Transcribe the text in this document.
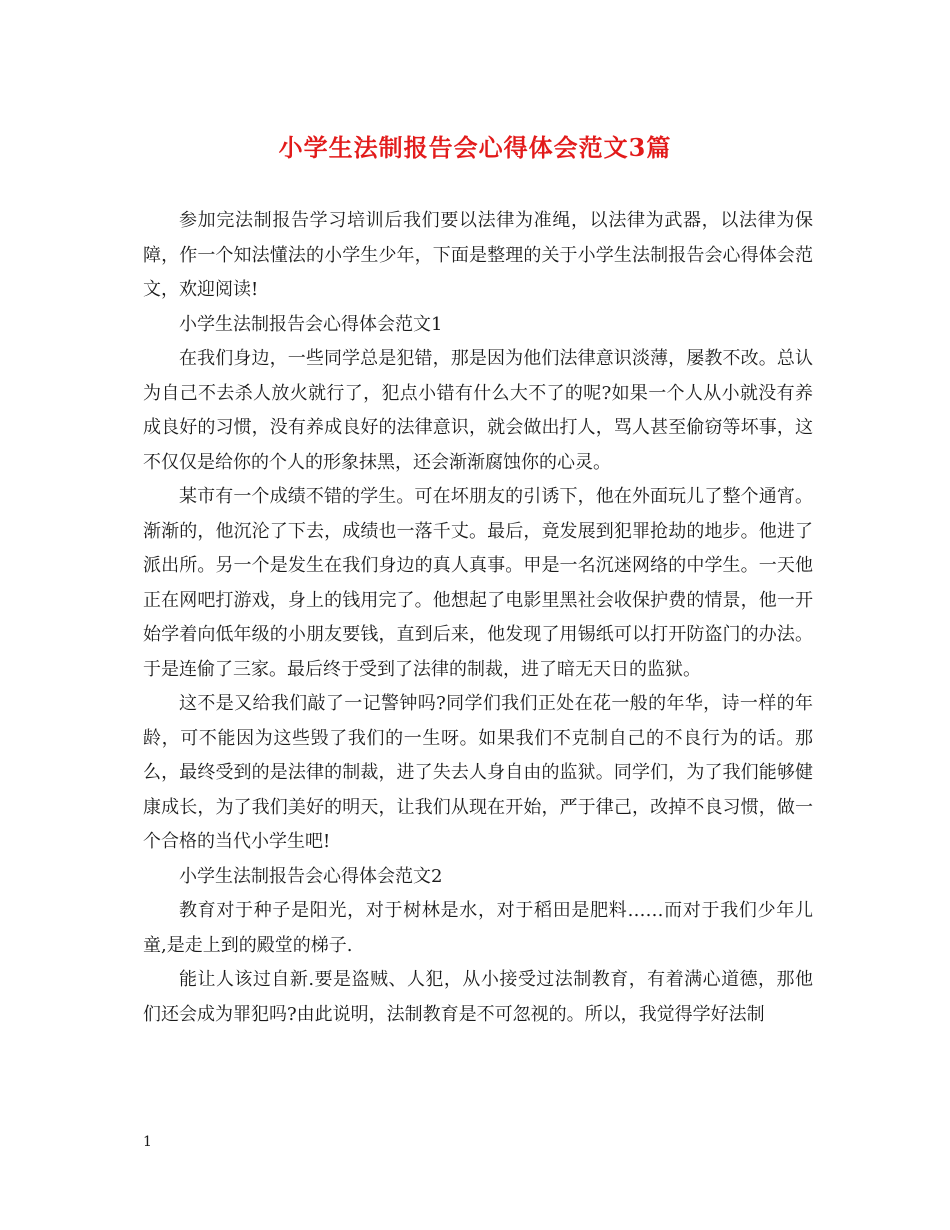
小学生法制报告会心得体会范文3篇

参加完法制报告学习培训后我们要以法律为准绳，以法律为武器，以法律为保障，作一个知法懂法的小学生少年，下面是整理的关于小学生法制报告会心得体会范文，欢迎阅读!

小学生法制报告会心得体会范文1

在我们身边，一些同学总是犯错，那是因为他们法律意识淡薄，屡教不改。总认为自己不去杀人放火就行了，犯点小错有什么大不了的呢?如果一个人从小就没有养成良好的习惯，没有养成良好的法律意识，就会做出打人，骂人甚至偷窃等坏事，这不仅仅是给你的个人的形象抹黑，还会渐渐腐蚀你的心灵。

某市有一个成绩不错的学生。可在坏朋友的引诱下，他在外面玩儿了整个通宵。渐渐的，他沉沦了下去，成绩也一落千丈。最后，竟发展到犯罪抢劫的地步。他进了派出所。另一个是发生在我们身边的真人真事。甲是一名沉迷网络的中学生。一天他正在网吧打游戏，身上的钱用完了。他想起了电影里黑社会收保护费的情景，他一开始学着向低年级的小朋友要钱，直到后来，他发现了用锡纸可以打开防盗门的办法。于是连偷了三家。最后终于受到了法律的制裁，进了暗无天日的监狱。

这不是又给我们敲了一记警钟吗?同学们我们正处在花一般的年华，诗一样的年龄，可不能因为这些毁了我们的一生呀。如果我们不克制自己的不良行为的话。那么，最终受到的是法律的制裁，进了失去人身自由的监狱。同学们，为了我们能够健康成长，为了我们美好的明天，让我们从现在开始，严于律己，改掉不良习惯，做一个合格的当代小学生吧!

小学生法制报告会心得体会范文2

教育对于种子是阳光，对于树林是水，对于稻田是肥料……而对于我们少年儿童,是走上到的殿堂的梯子.

能让人该过自新.要是盗贼、人犯，从小接受过法制教育，有着满心道德，那他们还会成为罪犯吗?由此说明，法制教育是不可忽视的。所以，我觉得学好法制

1
